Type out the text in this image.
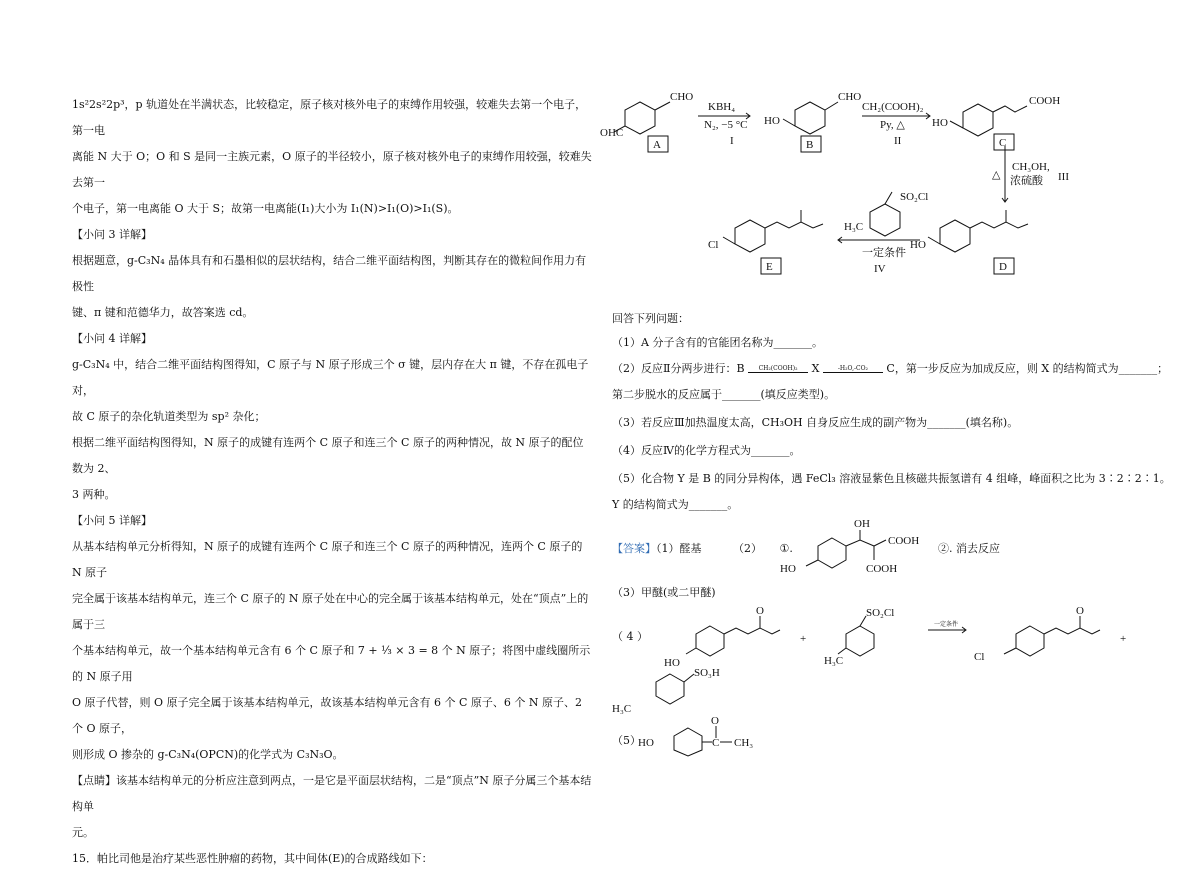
1s²2s²2p³，p 轨道处在半满状态，比较稳定，原子核对核外电子的束缚作用较强，较难失去第一个电子，第一电

离能 N 大于 O；O 和 S 是同一主族元素，O 原子的半径较小，原子核对核外电子的束缚作用较强，较难失去第一

个电子，第一电离能 O 大于 S；故第一电离能(I₁)大小为 I₁(N)>I₁(O)>I₁(S)。

【小问 3 详解】

根据题意，g-C₃N₄ 晶体具有和石墨相似的层状结构，结合二维平面结构图，判断其存在的微粒间作用力有极性

键、π 键和范德华力，故答案选 cd。

【小问 4 详解】

g-C₃N₄ 中，结合二维平面结构图得知，C 原子与 N 原子形成三个 σ 键，层内存在大 π 键，不存在孤电子对，

故 C 原子的杂化轨道类型为 sp² 杂化；

根据二维平面结构图得知，N 原子的成键有连两个 C 原子和连三个 C 原子的两种情况，故 N 原子的配位数为 2、

3 两种。

【小问 5 详解】

从基本结构单元分析得知，N 原子的成键有连两个 C 原子和连三个 C 原子的两种情况，连两个 C 原子的 N 原子

完全属于该基本结构单元，连三个 C 原子的 N 原子处在中心的完全属于该基本结构单元，处在“顶点”上的属于三

个基本结构单元，故一个基本结构单元含有 6 个 C 原子和 7 + ⅓ × 3 = 8 个 N 原子；将图中虚线圈所示的 N 原子用

O 原子代替，则 O 原子完全属于该基本结构单元，故该基本结构单元含有 6 个 C 原子、6 个 N 原子、2 个 O 原子，

则形成 O 掺杂的 g-C₃N₄(OPCN)的化学式为 C₃N₃O。

【点睛】该基本结构单元的分析应注意到两点，一是它是平面层状结构，二是“顶点”N 原子分属三个基本结构单

元。

15．帕比司他是治疗某些恶性肿瘤的药物，其中间体(E)的合成路线如下：

CHO
OHC
KBH₄
N₂, −5 °C
CHO
HO
CH₂(COOH)₂
Py, △
COOH
HO
CH₃OH,
浓硫酸
△	III
HO
SO₂Cl
H₃C
一定条件
IV
Cl
I	II
A	B	C
D
E
回答下列问题：
（1）A 分子含有的官能团名称为_______。
（2）反应Ⅱ分两步进行：B CH₂(COOH)₂ X	-H₂O,-CO₂ C，第一步反应为加成反应，则 X 的结构简式为_______；
第二步脱水的反应属于_______(填反应类型)。
（3）若反应Ⅲ加热温度太高，CH₃OH 自身反应生成的副产物为_______(填名称)。
（4）反应Ⅳ的化学方程式为_______。
（5）化合物 Y 是 B 的同分异构体，遇 FeCl₃ 溶液显紫色且核磁共振氢谱有 4 组峰，峰面积之比为 3∶2∶2∶1。
Y 的结构简式为_______。
【答案】（1）醛基	（2） ①.
OH
COOH
COOH
HO
②. 消去反应
（3）甲醚(或二甲醚)
（ 4 ）
O
HO
+
SO₂Cl
H₃C
一定条件
O
Cl
+
SO₃H
H₃C
（5）
HO
O
C CH₃
